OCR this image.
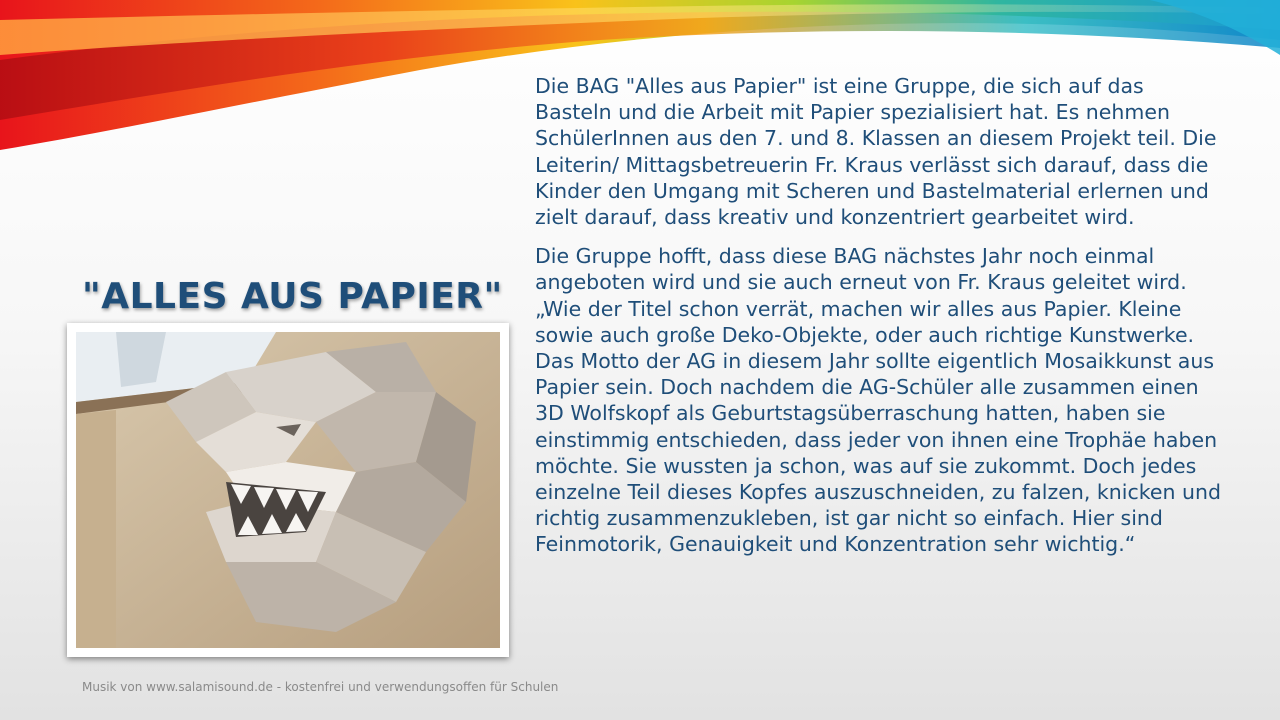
"ALLES AUS PAPIER"

Die BAG "Alles aus Papier" ist eine Gruppe, die sich auf das Basteln und die Arbeit mit Papier spezialisiert hat. Es nehmen SchülerInnen aus den 7. und 8. Klassen an diesem Projekt teil. Die Leiterin/ Mittagsbetreuerin Fr. Kraus verlässt sich darauf, dass die Kinder den Umgang mit Scheren und Bastelmaterial erlernen und zielt darauf, dass kreativ und konzentriert gearbeitet wird.

Die Gruppe hofft, dass diese BAG nächstes Jahr noch einmal angeboten wird und sie auch erneut von Fr. Kraus geleitet wird. „Wie der Titel schon verrät, machen wir alles aus Papier. Kleine sowie auch große Deko-Objekte, oder auch richtige Kunstwerke. Das Motto der AG in diesem Jahr sollte eigentlich Mosaikkunst aus Papier sein. Doch nachdem die AG-Schüler alle zusammen einen 3D Wolfskopf als Geburtstagsüberraschung hatten, haben sie einstimmig entschieden, dass jeder von ihnen eine Trophäe haben möchte. Sie wussten ja schon, was auf sie zukommt. Doch jedes einzelne Teil dieses Kopfes auszuschneiden, zu falzen, knicken und richtig zusammenzukleben, ist gar nicht so einfach. Hier sind Feinmotorik, Genauigkeit und Konzentration sehr wichtig.“

Musik von www.salamisound.de - kostenfrei und verwendungsoffen für Schulen
